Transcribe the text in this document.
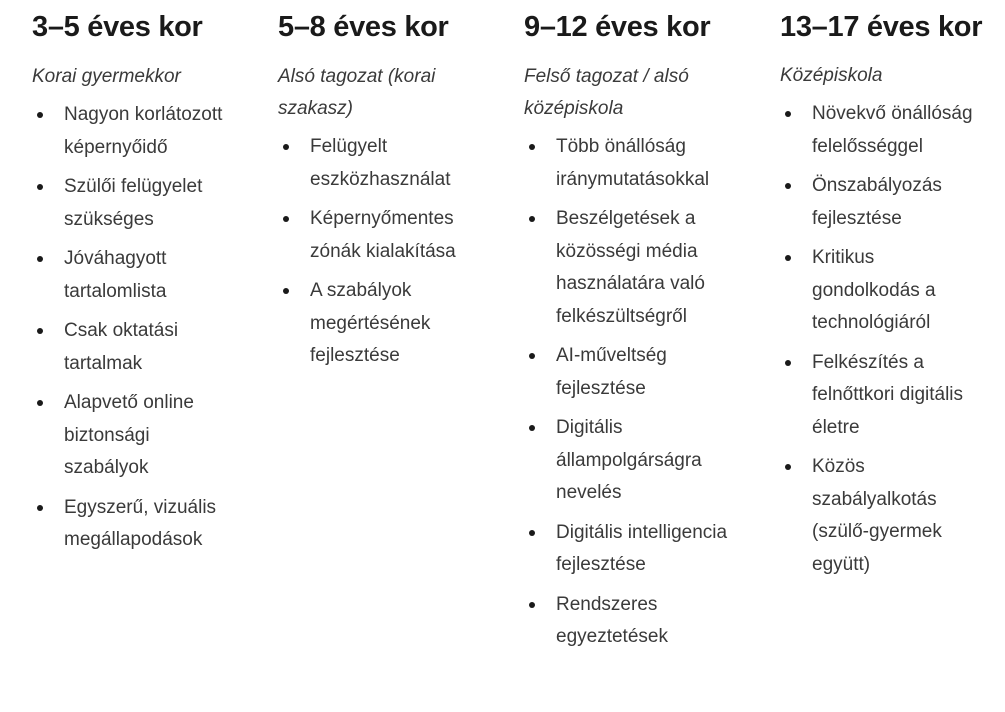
3–5 éves kor

Korai gyermekkor

Nagyon korlátozott képernyőidő
Szülői felügyelet szükséges
Jóváhagyott tartalomlista
Csak oktatási tartalmak
Alapvető online biztonsági szabályok
Egyszerű, vizuális megállapodások
5–8 éves kor

Alsó tagozat (korai szakasz)

Felügyelt eszközhasználat
Képernyőmentes zónák kialakítása
A szabályok megértésének fejlesztése
9–12 éves kor

Felső tagozat / alsó középiskola

Több önállóság iránymutatásokkal
Beszélgetések a közösségi média használatára való felkészültségről
AI-műveltség fejlesztése
Digitális állampolgárságra nevelés
Digitális intelligencia fejlesztése
Rendszeres egyeztetések
13–17 éves kor

Középiskola

Növekvő önállóság felelősséggel
Önszabályozás fejlesztése
Kritikus gondolkodás a technológiáról
Felkészítés a felnőttkori digitális életre
Közös szabályalkotás (szülő-gyermek együtt)
